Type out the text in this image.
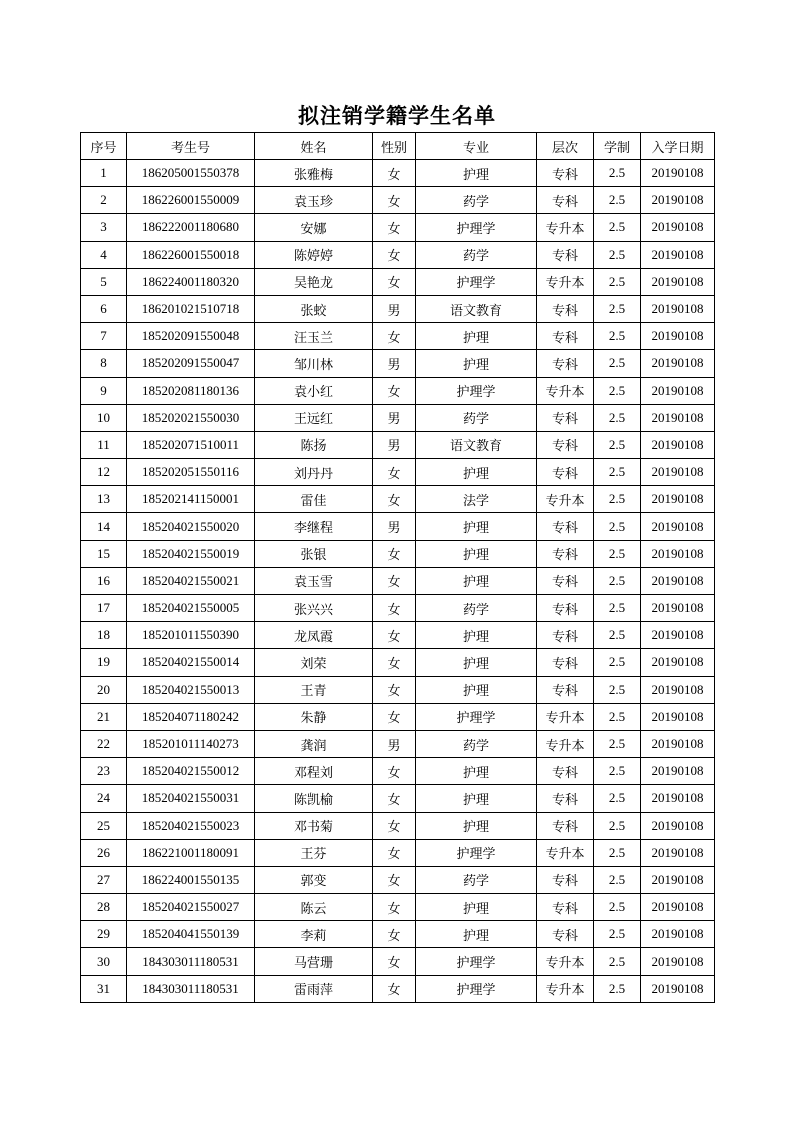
拟注销学籍学生名单
序号	考生号	姓名	性别	专业	层次	学制	入学日期
1	186205001550378	张雅梅	女	护理	专科	2.5	20190108
2	186226001550009	袁玉珍	女	药学	专科	2.5	20190108
3	186222001180680	安娜	女	护理学	专升本	2.5	20190108
4	186226001550018	陈婷婷	女	药学	专科	2.5	20190108
5	186224001180320	吴艳龙	女	护理学	专升本	2.5	20190108
6	186201021510718	张蛟	男	语文教育	专科	2.5	20190108
7	185202091550048	汪玉兰	女	护理	专科	2.5	20190108
8	185202091550047	邹川林	男	护理	专科	2.5	20190108
9	185202081180136	袁小红	女	护理学	专升本	2.5	20190108
10	185202021550030	王远红	男	药学	专科	2.5	20190108
11	185202071510011	陈扬	男	语文教育	专科	2.5	20190108
12	185202051550116	刘丹丹	女	护理	专科	2.5	20190108
13	185202141150001	雷佳	女	法学	专升本	2.5	20190108
14	185204021550020	李继程	男	护理	专科	2.5	20190108
15	185204021550019	张银	女	护理	专科	2.5	20190108
16	185204021550021	袁玉雪	女	护理	专科	2.5	20190108
17	185204021550005	张兴兴	女	药学	专科	2.5	20190108
18	185201011550390	龙凤霞	女	护理	专科	2.5	20190108
19	185204021550014	刘荣	女	护理	专科	2.5	20190108
20	185204021550013	王青	女	护理	专科	2.5	20190108
21	185204071180242	朱静	女	护理学	专升本	2.5	20190108
22	185201011140273	龚润	男	药学	专升本	2.5	20190108
23	185204021550012	邓程刘	女	护理	专科	2.5	20190108
24	185204021550031	陈凯榆	女	护理	专科	2.5	20190108
25	185204021550023	邓书菊	女	护理	专科	2.5	20190108
26	186221001180091	王芬	女	护理学	专升本	2.5	20190108
27	186224001550135	郭变	女	药学	专科	2.5	20190108
28	185204021550027	陈云	女	护理	专科	2.5	20190108
29	185204041550139	李莉	女	护理	专科	2.5	20190108
30	184303011180531	马营珊	女	护理学	专升本	2.5	20190108
31	184303011180531	雷雨萍	女	护理学	专升本	2.5	20190108
